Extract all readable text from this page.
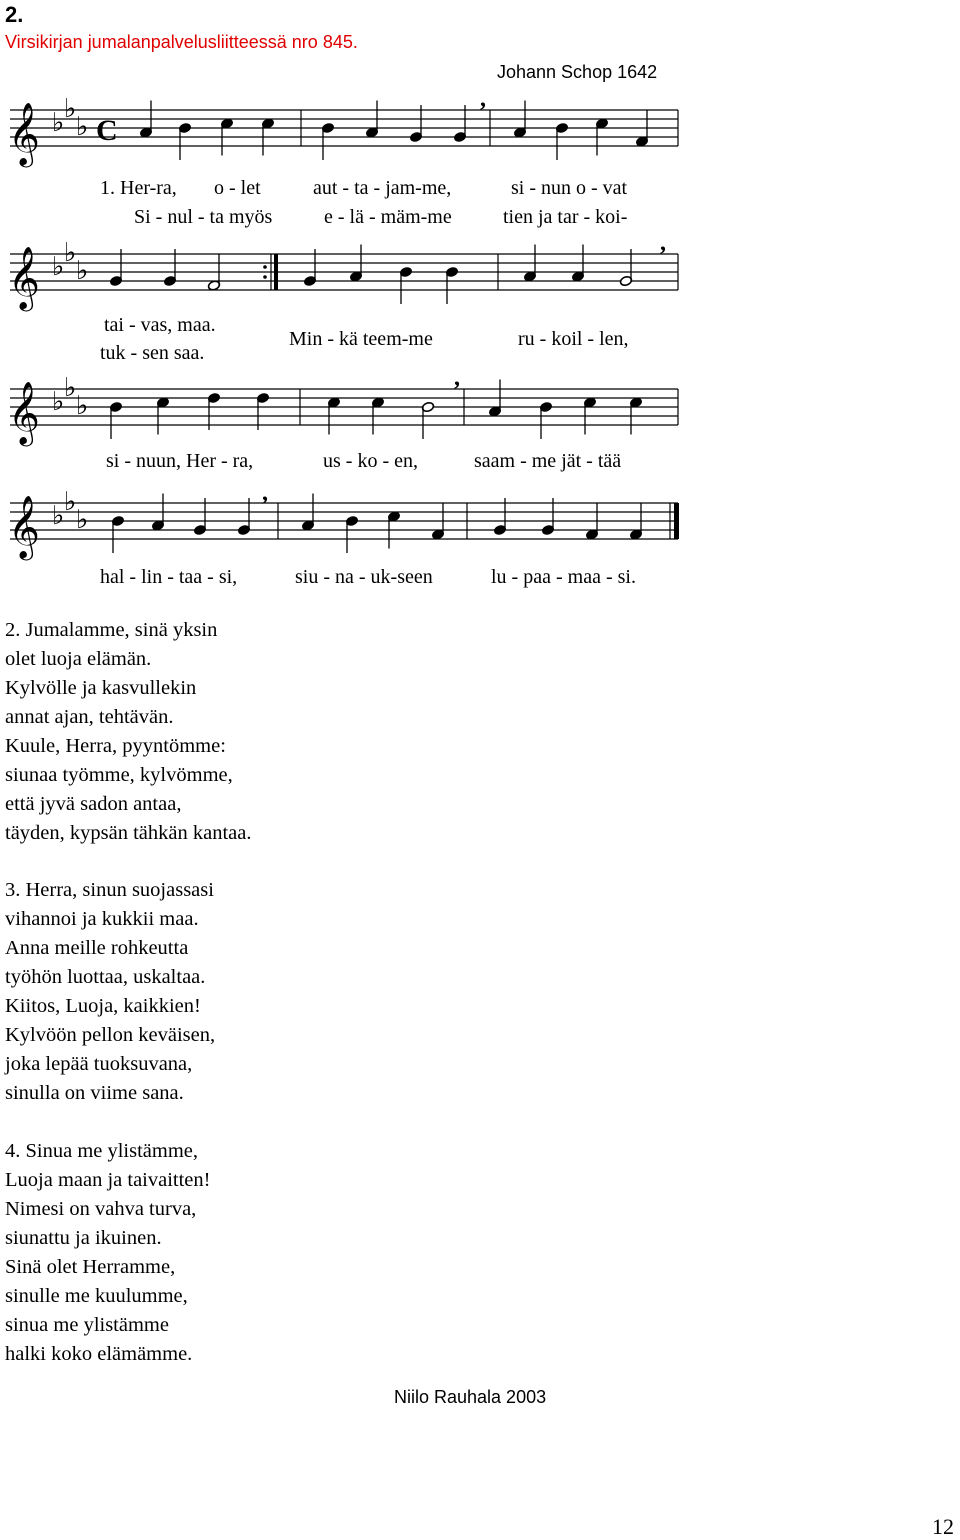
2.
Virsikirjan jumalanpalvelusliitteessä nro 845.
Johann Schop 1642
𝄞 ♭ ♭
♭ C
,
1. Her-ra, o - let	aut - ta - jam-me,	si - nun o - vat
Si - nul - ta myös	e - lä - mäm-me	tien ja tar - koi-
𝄞 ♭ ♭
♭
,
tai - vas, maa.
tuk - sen saa.
Min - kä teem-me	ru - koil - len,
𝄞 ♭ ♭
♭
,
si - nuun, Her - ra,	us - ko - en,	saam - me jät - tää
𝄞 ♭ ♭
♭
,
hal - lin - taa - si,	siu - na - uk-seen	lu - paa - maa - si.
2. Jumalamme, sinä yksin
olet luoja elämän.
Kylvölle ja kasvullekin
annat ajan, tehtävän.
Kuule, Herra, pyyntömme:
siunaa työmme, kylvömme,
että jyvä sadon antaa,
täyden, kypsän tähkän kantaa.
3. Herra, sinun suojassasi
vihannoi ja kukkii maa.
Anna meille rohkeutta
työhön luottaa, uskaltaa.
Kiitos, Luoja, kaikkien!
Kylvöön pellon keväisen,
joka lepää tuoksuvana,
sinulla on viime sana.
4. Sinua me ylistämme,
Luoja maan ja taivaitten!
Nimesi on vahva turva,
siunattu ja ikuinen.
Sinä olet Herramme,
sinulle me kuulumme,
sinua me ylistämme
halki koko elämämme.
Niilo Rauhala 2003
12
